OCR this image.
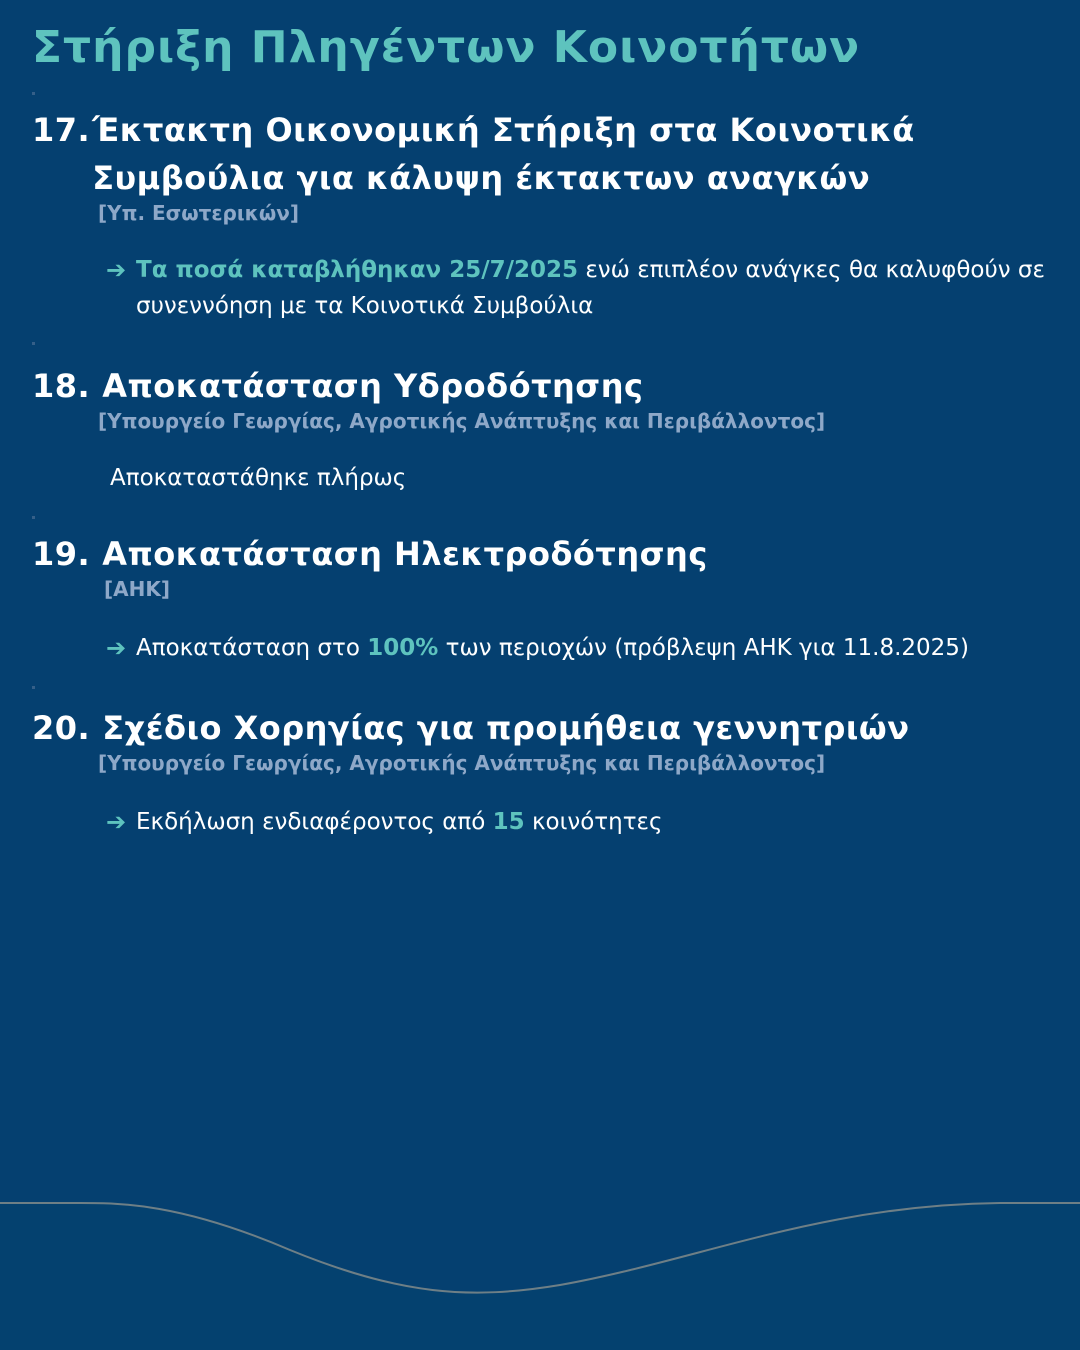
Στήριξη Πληγέντων Κοινοτήτων
17. Έκτακτη Οικονομική Στήριξη στα Κοινοτικά Συμβούλια για κάλυψη έκτακτων αναγκών
[Υπ. Εσωτερικών]
➔ Τα ποσά καταβλήθηκαν 25/7/2025 ενώ επιπλέον ανάγκες θα καλυφθούν σε συνεννόηση με τα Κοινοτικά Συμβούλια
18. Αποκατάσταση Υδροδότησης
[Υπουργείο Γεωργίας, Αγροτικής Ανάπτυξης και Περιβάλλοντος]
Αποκαταστάθηκε πλήρως
19. Αποκατάσταση Ηλεκτροδότησης
[ΑΗΚ]
➔ Αποκατάσταση στο 100% των περιοχών (πρόβλεψη ΑΗΚ για 11.8.2025)
20. Σχέδιο Χορηγίας για προμήθεια γεννητριών
[Υπουργείο Γεωργίας, Αγροτικής Ανάπτυξης και Περιβάλλοντος]
➔ Εκδήλωση ενδιαφέροντος από 15 κοινότητες
